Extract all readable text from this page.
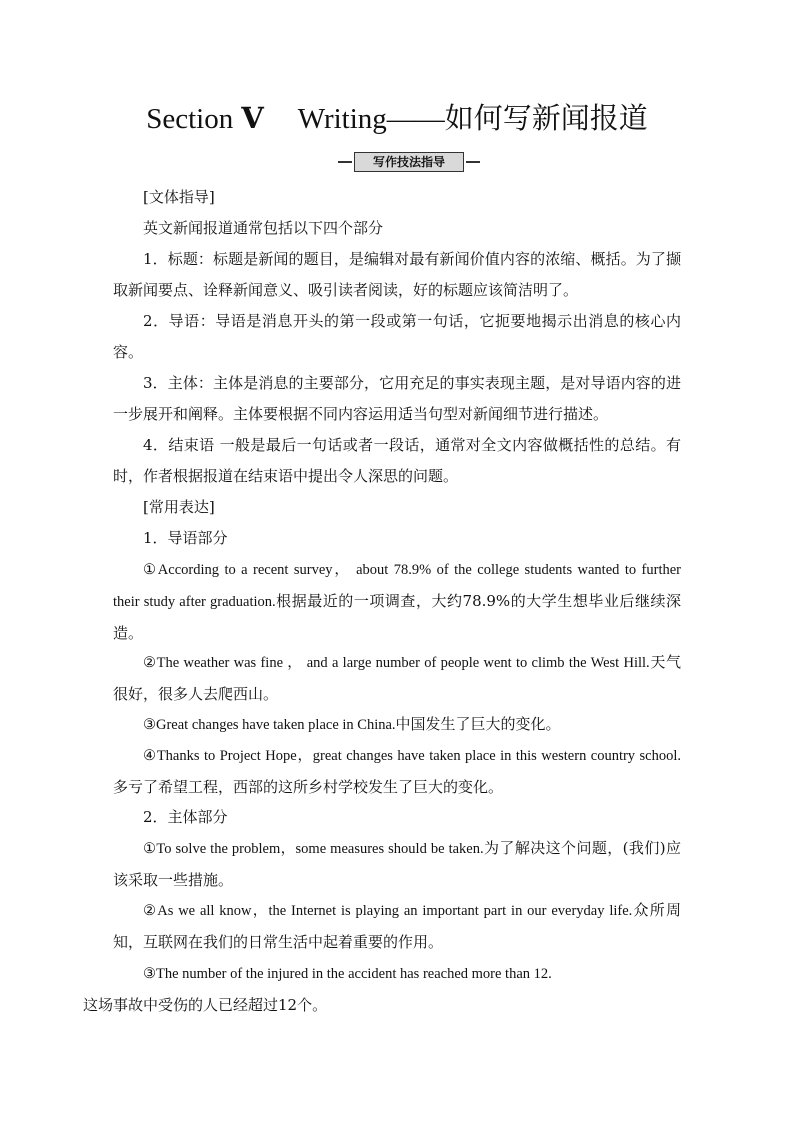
Section Ⅴ Writing——如何写新闻报道
写作技法指导

[文体指导]

英文新闻报道通常包括以下四个部分

1．标题：标题是新闻的题目，是编辑对最有新闻价值内容的浓缩、概括。为了撷取新闻要点、诠释新闻意义、吸引读者阅读，好的标题应该简洁明了。

2．导语：导语是消息开头的第一段或第一句话，它扼要地揭示出消息的核心内容。

3．主体：主体是消息的主要部分，它用充足的事实表现主题，是对导语内容的进一步展开和阐释。主体要根据不同内容运用适当句型对新闻细节进行描述。

4．结束语 一般是最后一句话或者一段话，通常对全文内容做概括性的总结。有时，作者根据报道在结束语中提出令人深思的问题。

[常用表达]

1．导语部分

①According to a recent survey， about 78.9% of the college students wanted to further their study after graduation.根据最近的一项调查，大约78.9%的大学生想毕业后继续深造。

②The weather was fine ， and a large number of people went to climb the West Hill.天气很好，很多人去爬西山。

③Great changes have taken place in China.中国发生了巨大的变化。

④Thanks to Project Hope，great changes have taken place in this western country school.多亏了希望工程，西部的这所乡村学校发生了巨大的变化。

2．主体部分

①To solve the problem，some measures should be taken.为了解决这个问题，(我们)应该采取一些措施。

②As we all know，the Internet is playing an important part in our everyday life.众所周知，互联网在我们的日常生活中起着重要的作用。

③The number of the injured in the accident has reached more than 12.
这场事故中受伤的人已经超过12个。
